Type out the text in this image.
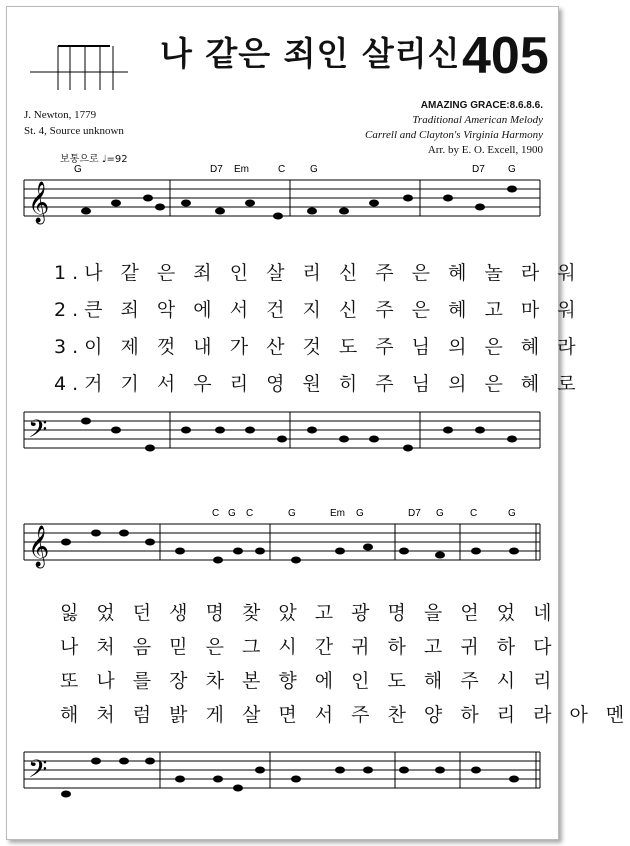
𝄞
𝄢
𝄞
𝄢
G	D7 Em	C G	D7 G
C G C	G	Em G	D7 G	C	G
나 같은 죄인 살리신 405
J. Newton, 1779
St. 4, Source unknown
AMAZING GRACE:8.6.8.6.
Traditional American Melody
Carrell and Clayton's Virginia Harmony
Arr. by E. O. Excell, 1900
보통으로 ♩=92
1.나 같 은 죄 인 살 리 신 주 은 혜 놀 라 워
2.큰 죄 악 에 서 건 지 신 주 은 혜 고 마 워
3.이 제 껏 내 가 산 것 도 주 님 의 은 혜 라
4.거 기 서 우 리 영 원 히 주 님 의 은 혜 로
잃 었 던 생 명 찾 았 고 광 명 을 얻 었 네
나 처 음 믿 은 그 시 간 귀 하 고 귀 하 다
또 나 를 장 차 본 향 에 인 도 해 주 시 리
해 처 럼 밝 게 살 면 서 주 찬 양 하 리 라 아 멘
